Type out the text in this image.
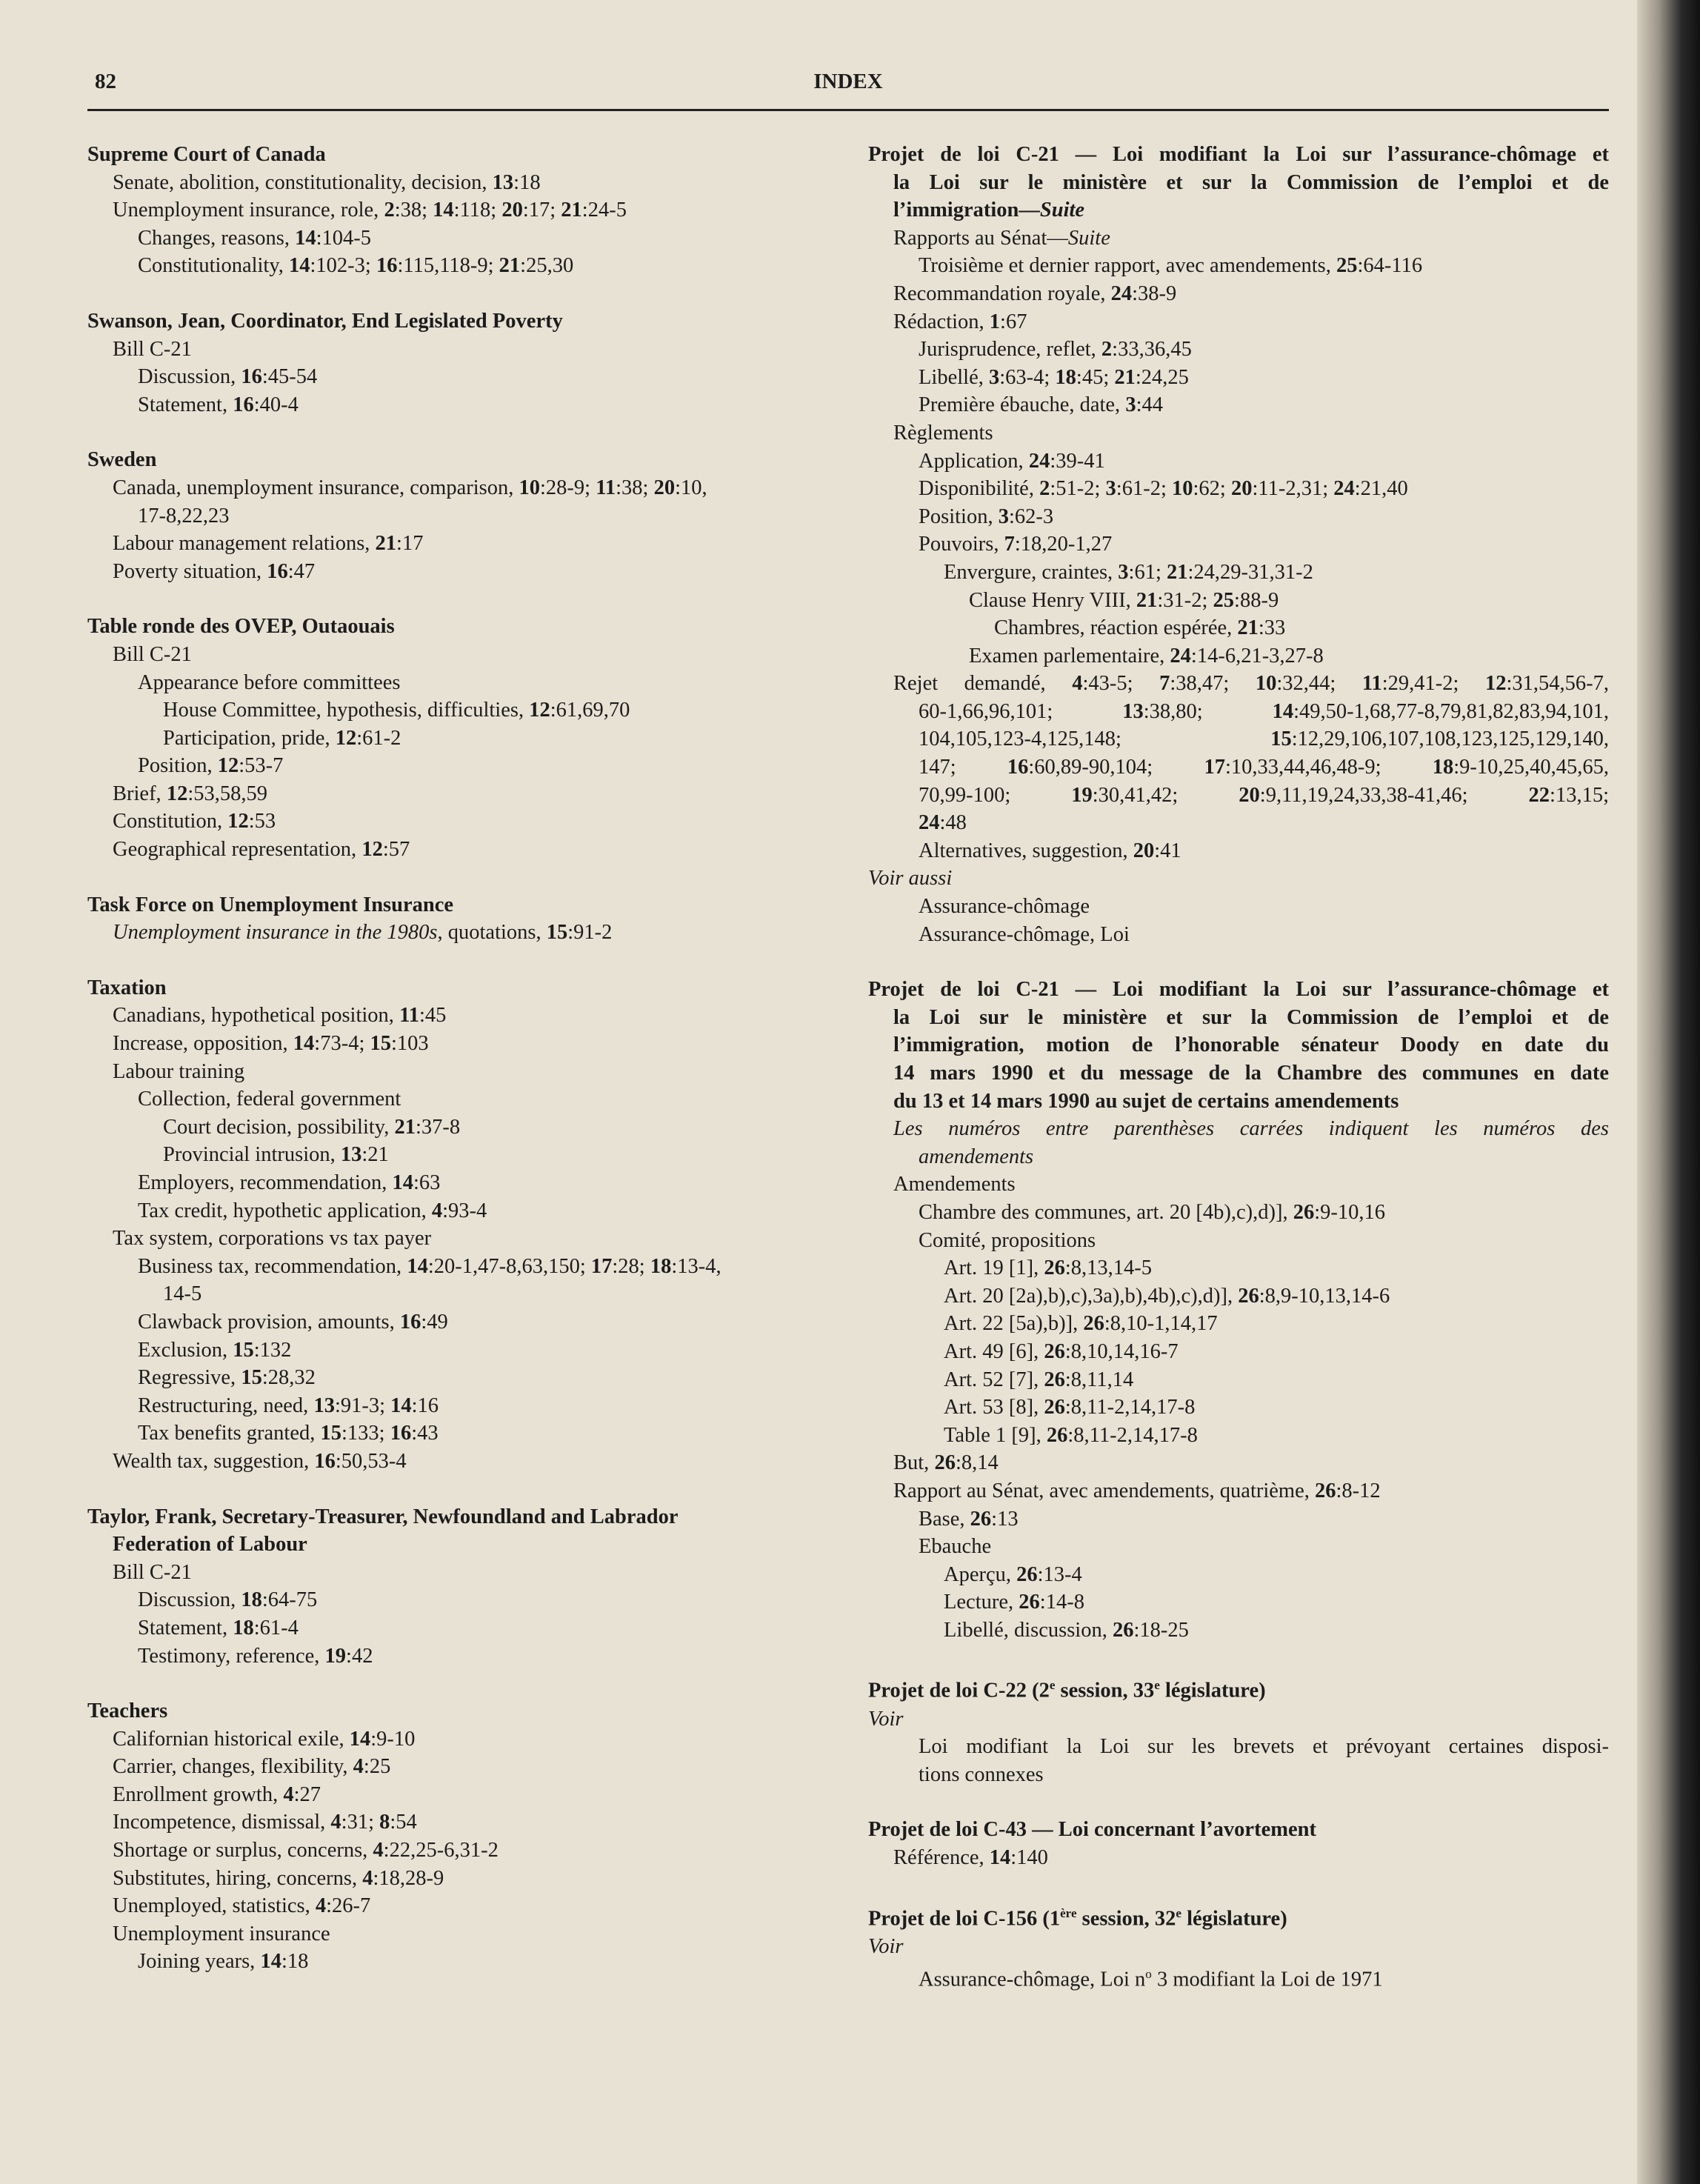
82	INDEX
Supreme Court of Canada
Senate, abolition, constitutionality, decision, 13:18
Unemployment insurance, role, 2:38; 14:118; 20:17; 21:24-5
Changes, reasons, 14:104-5
Constitutionality, 14:102-3; 16:115,118-9; 21:25,30
Swanson, Jean, Coordinator, End Legislated Poverty
Bill C-21
Discussion, 16:45-54
Statement, 16:40-4
Sweden
Canada, unemployment insurance, comparison, 10:28-9; 11:38; 20:10,
17-8,22,23
Labour management relations, 21:17
Poverty situation, 16:47
Table ronde des OVEP, Outaouais
Bill C-21
Appearance before committees
House Committee, hypothesis, difficulties, 12:61,69,70
Participation, pride, 12:61-2
Position, 12:53-7
Brief, 12:53,58,59
Constitution, 12:53
Geographical representation, 12:57
Task Force on Unemployment Insurance
Unemployment insurance in the 1980s, quotations, 15:91-2
Taxation
Canadians, hypothetical position, 11:45
Increase, opposition, 14:73-4; 15:103
Labour training
Collection, federal government
Court decision, possibility, 21:37-8
Provincial intrusion, 13:21
Employers, recommendation, 14:63
Tax credit, hypothetic application, 4:93-4
Tax system, corporations vs tax payer
Business tax, recommendation, 14:20-1,47-8,63,150; 17:28; 18:13-4,
14-5
Clawback provision, amounts, 16:49
Exclusion, 15:132
Regressive, 15:28,32
Restructuring, need, 13:91-3; 14:16
Tax benefits granted, 15:133; 16:43
Wealth tax, suggestion, 16:50,53-4
Taylor, Frank, Secretary-Treasurer, Newfoundland and Labrador
Federation of Labour
Bill C-21
Discussion, 18:64-75
Statement, 18:61-4
Testimony, reference, 19:42
Teachers
Californian historical exile, 14:9-10
Carrier, changes, flexibility, 4:25
Enrollment growth, 4:27
Incompetence, dismissal, 4:31; 8:54
Shortage or surplus, concerns, 4:22,25-6,31-2
Substitutes, hiring, concerns, 4:18,28-9
Unemployed, statistics, 4:26-7
Unemployment insurance
Joining years, 14:18
Projet de loi C-21 — Loi modifiant la Loi sur l’assurance-chômage et
la Loi sur le ministère et sur la Commission de l’emploi et de
l’immigration—Suite
Rapports au Sénat—Suite
Troisième et dernier rapport, avec amendements, 25:64-116
Recommandation royale, 24:38-9
Rédaction, 1:67
Jurisprudence, reflet, 2:33,36,45
Libellé, 3:63-4; 18:45; 21:24,25
Première ébauche, date, 3:44
Règlements
Application, 24:39-41
Disponibilité, 2:51-2; 3:61-2; 10:62; 20:11-2,31; 24:21,40
Position, 3:62-3
Pouvoirs, 7:18,20-1,27
Envergure, craintes, 3:61; 21:24,29-31,31-2
Clause Henry VIII, 21:31-2; 25:88-9
Chambres, réaction espérée, 21:33
Examen parlementaire, 24:14-6,21-3,27-8
Rejet demandé, 4:43-5; 7:38,47; 10:32,44; 11:29,41-2; 12:31,54,56-7,
60-1,66,96,101; 13:38,80; 14:49,50-1,68,77-8,79,81,82,83,94,101,
104,105,123-4,125,148; 15:12,29,106,107,108,123,125,129,140,
147; 16:60,89-90,104; 17:10,33,44,46,48-9; 18:9-10,25,40,45,65,
70,99-100; 19:30,41,42; 20:9,11,19,24,33,38-41,46; 22:13,15;
24:48
Alternatives, suggestion, 20:41
Voir aussi
Assurance-chômage
Assurance-chômage, Loi
Projet de loi C-21 — Loi modifiant la Loi sur l’assurance-chômage et
la Loi sur le ministère et sur la Commission de l’emploi et de
l’immigration, motion de l’honorable sénateur Doody en date du
14 mars 1990 et du message de la Chambre des communes en date
du 13 et 14 mars 1990 au sujet de certains amendements
Les numéros entre parenthèses carrées indiquent les numéros des
amendements
Amendements
Chambre des communes, art. 20 [4b),c),d)], 26:9-10,16
Comité, propositions
Art. 19 [1], 26:8,13,14-5
Art. 20 [2a),b),c),3a),b),4b),c),d)], 26:8,9-10,13,14-6
Art. 22 [5a),b)], 26:8,10-1,14,17
Art. 49 [6], 26:8,10,14,16-7
Art. 52 [7], 26:8,11,14
Art. 53 [8], 26:8,11-2,14,17-8
Table 1 [9], 26:8,11-2,14,17-8
But, 26:8,14
Rapport au Sénat, avec amendements, quatrième, 26:8-12
Base, 26:13
Ebauche
Aperçu, 26:13-4
Lecture, 26:14-8
Libellé, discussion, 26:18-25
Projet de loi C-22 (2e session, 33e législature)
Voir
Loi modifiant la Loi sur les brevets et prévoyant certaines disposi-
tions connexes
Projet de loi C-43 — Loi concernant l’avortement
Référence, 14:140
Projet de loi C-156 (1ère session, 32e législature)
Voir
Assurance-chômage, Loi $n^o$ 3 modifiant la Loi de 1971
